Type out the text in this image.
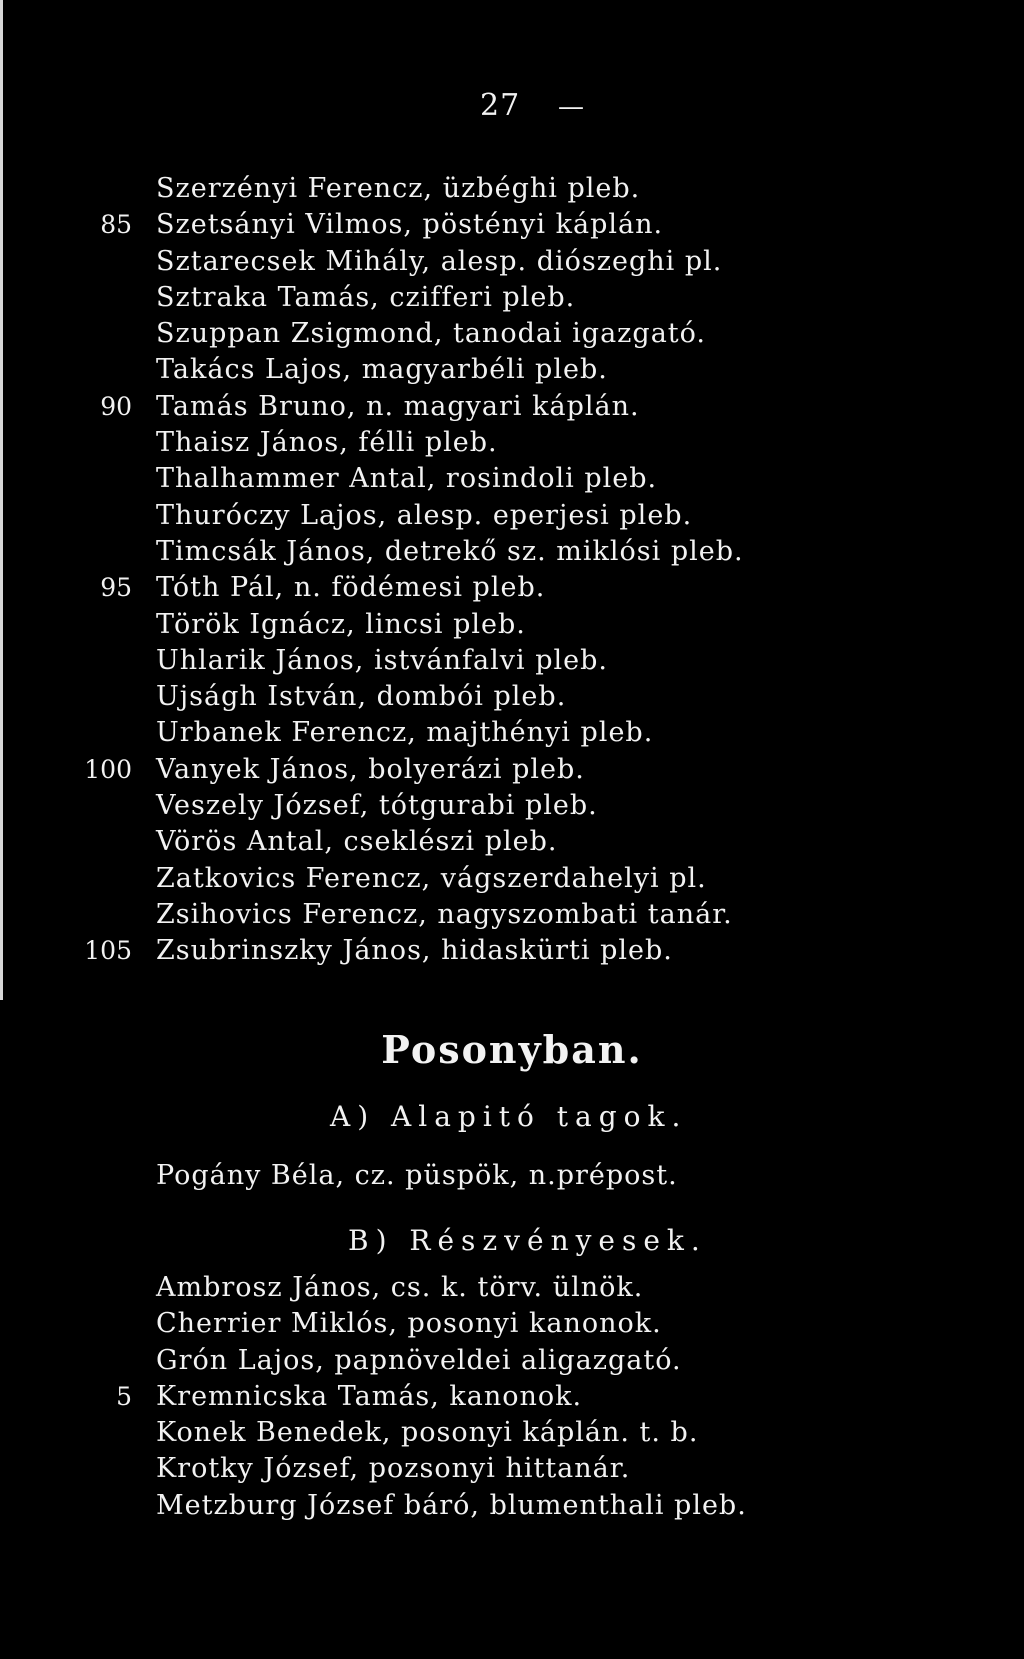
27 —
Szerzényi Ferencz, üzbéghi pleb.
85 Szetsányi Vilmos, pöstényi káplán.
Sztarecsek Mihály, alesp. diószeghi pl.
Sztraka Tamás, czifferi pleb.
Szuppan Zsigmond, tanodai igazgató.
Takács Lajos, magyarbéli pleb.
90 Tamás Bruno, n. magyari káplán.
Thaisz János, félli pleb.
Thalhammer Antal, rosindoli pleb.
Thuróczy Lajos, alesp. eperjesi pleb.
Timcsák János, detrekő sz. miklósi pleb.
95 Tóth Pál, n. födémesi pleb.
Török Ignácz, lincsi pleb.
Uhlarik János, istvánfalvi pleb.
Ujságh István, dombói pleb.
Urbanek Ferencz, majthényi pleb.
100 Vanyek János, bolyerázi pleb.
Veszely József, tótgurabi pleb.
Vörös Antal, cseklészi pleb.
Zatkovics Ferencz, vágszerdahelyi pl.
Zsihovics Ferencz, nagyszombati tanár.
105 Zsubrinszky János, hidaskürti pleb.
Posonyban.
A) Alapitó tagok.
Pogány Béla, cz. püspök, n.prépost.
B) Részvényesek.
Ambrosz János, cs. k. törv. ülnök.
Cherrier Miklós, posonyi kanonok.
Grón Lajos, papnöveldei aligazgató.
5 Kremnicska Tamás, kanonok.
Konek Benedek, posonyi káplán. t. b.
Krotky József, pozsonyi hittanár.
Metzburg József báró, blumenthali pleb.
